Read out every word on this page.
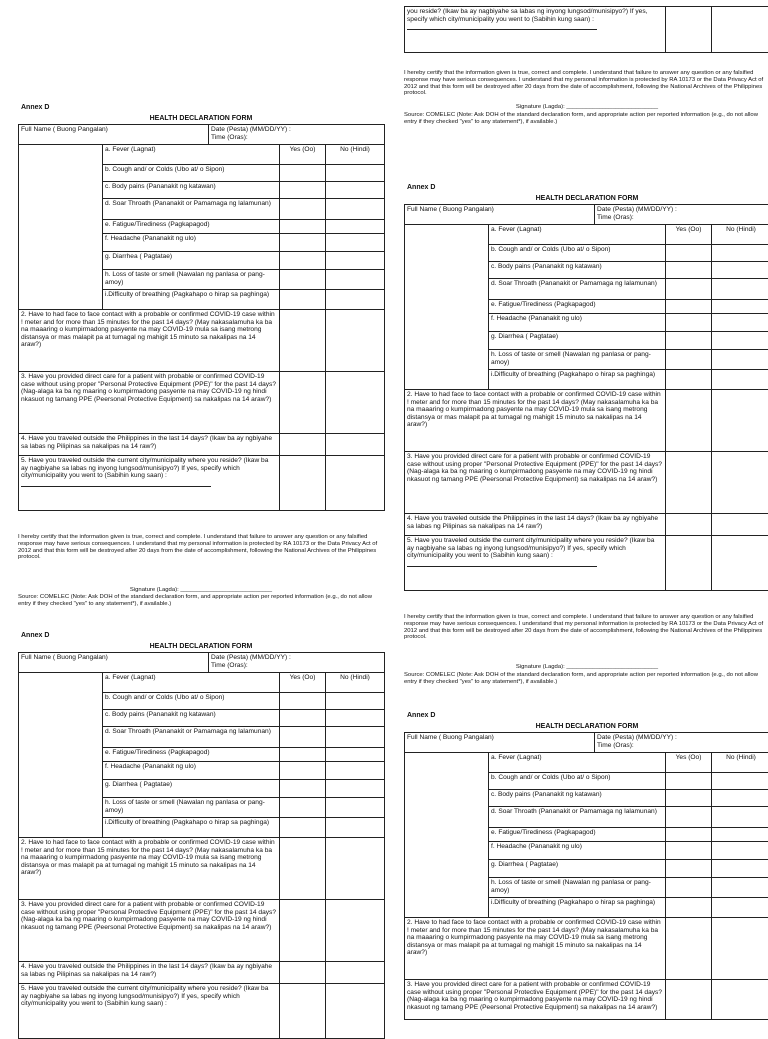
Annex D
HEALTH DECLARATION FORM
Full Name ( Buong Pangalan)		Date (Pesta) (MM/DD/YY) :
Time (Oras):		
	a. Fever (Lagnat)		Yes (Oo)	No (Hindi)
	b. Cough and/ or Colds (Ubo at/ o Sipon)			
	c. Body pains (Pananakit ng katawan)			
	d. Soar Throath (Pananakit or Pamamaga ng lalamunan)			
	e. Fatigue/Tirediness (Pagkapagod)			
	f. Headache (Pananakit ng ulo)			
	g. Diarrhea ( Pagtatae)			
	h. Loss of taste or smell (Nawalan ng panlasa or pang-amoy)			
	i.Difficulty of breathing (Pagkahapo o hirap sa paghinga)			
2. Have to had face to face contact with a probable or confirmed COVID-19 case within ! meter and for more than 15 minutes for the past 14 days? (May nakasalamuha ka ba na maaaring o kumpirmadong pasyente na may COVID-19 mula sa isang metrong distansya or mas malapit pa at tumagal ng mahigit 15 minuto sa nakalipas na 14 araw?)				
3. Have you provided direct care for a patient with probable or confirmed COVID-19 case without using proper "Personal Protective Equipment (PPE)" for the past 14 days? (Nag-alaga ka ba ng maaring o kumpirmadong pasyente na may COVID-19 ng hindi nkasuot ng tamang PPE (Peersonal Protective Equipment) sa nakalipas na 14 araw?)				
4. Have you traveled outside the Philippines in the last 14 days? (Ikaw ba ay ngbiyahe sa labas ng Pilipinas sa nakalipas na 14 raw?)				
5. Have you traveled outside the current city/municipality where you reside? (Ikaw ba ay nagbiyahe sa labas ng inyong lungsod/munisipyo?) If yes, specify which city/municipality you went to (Sabihin kung saan) :		

I hereby certify that the information given is true, correct and complete. I understand that failure to answer any question or any falsified response may have serious consequences. I understand that my personal information is protected by RA 10173 or the Data Privacy Act of 2012 and that this form will be destroyed after 20 days from the date of accomplishment, following the National Archives of the Philippines protocol.
Signature (Lagda): ____________________________
Source: COMELEC (Note: Ask DOH of the standard declaration form, and appropriate action per reported information (e.g., do not allow entry if they checked "yes" to any statement*), if available.)
Annex D
HEALTH DECLARATION FORM
Full Name ( Buong Pangalan)		Date (Pesta) (MM/DD/YY) :
Time (Oras):		
	a. Fever (Lagnat)		Yes (Oo)	No (Hindi)
	b. Cough and/ or Colds (Ubo at/ o Sipon)			
	c. Body pains (Pananakit ng katawan)			
	d. Soar Throath (Pananakit or Pamamaga ng lalamunan)			
	e. Fatigue/Tirediness (Pagkapagod)			
	f. Headache (Pananakit ng ulo)			
	g. Diarrhea ( Pagtatae)			
	h. Loss of taste or smell (Nawalan ng panlasa or pang-amoy)			
	i.Difficulty of breathing (Pagkahapo o hirap sa paghinga)			
2. Have to had face to face contact with a probable or confirmed COVID-19 case within ! meter and for more than 15 minutes for the past 14 days? (May nakasalamuha ka ba na maaaring o kumpirmadong pasyente na may COVID-19 mula sa isang metrong distansya or mas malapit pa at tumagal ng mahigit 15 minuto sa nakalipas na 14 araw?)				
3. Have you provided direct care for a patient with probable or confirmed COVID-19 case without using proper "Personal Protective Equipment (PPE)" for the past 14 days? (Nag-alaga ka ba ng maaring o kumpirmadong pasyente na may COVID-19 ng hindi nkasuot ng tamang PPE (Peersonal Protective Equipment) sa nakalipas na 14 araw?)				
4. Have you traveled outside the Philippines in the last 14 days? (Ikaw ba ay ngbiyahe sa labas ng Pilipinas sa nakalipas na 14 raw?)				
5. Have you traveled outside the current city/municipality where you reside? (Ikaw ba ay nagbiyahe sa labas ng inyong lungsod/munisipyo?) If yes, specify which city/municipality you went to (Sabihin kung saan) :				
you reside? (Ikaw ba ay nagbiyahe sa labas ng inyong lungsod/munisipyo?) If yes, specify which city/municipality you went to (Sabihin kung saan) :

I hereby certify that the information given is true, correct and complete. I understand that failure to answer any question or any falsified response may have serious consequences. I understand that my personal information is protected by RA 10173 or the Data Privacy Act of 2012 and that this form will be destroyed after 20 days from the date of accomplishment, following the National Archives of the Philippines protocol.
Signature (Lagda): ____________________________
Source: COMELEC (Note: Ask DOH of the standard declaration form, and appropriate action per reported information (e.g., do not allow entry if they checked "yes" to any statement*), if available.)
Annex D
HEALTH DECLARATION FORM
Full Name ( Buong Pangalan)		Date (Pesta) (MM/DD/YY) :
Time (Oras):		
	a. Fever (Lagnat)		Yes (Oo)	No (Hindi)
	b. Cough and/ or Colds (Ubo at/ o Sipon)			
	c. Body pains (Pananakit ng katawan)			
	d. Soar Throath (Pananakit or Pamamaga ng lalamunan)			
	e. Fatigue/Tirediness (Pagkapagod)			
	f. Headache (Pananakit ng ulo)			
	g. Diarrhea ( Pagtatae)			
	h. Loss of taste or smell (Nawalan ng panlasa or pang-amoy)			
	i.Difficulty of breathing (Pagkahapo o hirap sa paghinga)			
2. Have to had face to face contact with a probable or confirmed COVID-19 case within ! meter and for more than 15 minutes for the past 14 days? (May nakasalamuha ka ba na maaaring o kumpirmadong pasyente na may COVID-19 mula sa isang metrong distansya or mas malapit pa at tumagal ng mahigit 15 minuto sa nakalipas na 14 araw?)				
3. Have you provided direct care for a patient with probable or confirmed COVID-19 case without using proper "Personal Protective Equipment (PPE)" for the past 14 days? (Nag-alaga ka ba ng maaring o kumpirmadong pasyente na may COVID-19 ng hindi nkasuot ng tamang PPE (Peersonal Protective Equipment) sa nakalipas na 14 araw?)				
4. Have you traveled outside the Philippines in the last 14 days? (Ikaw ba ay ngbiyahe sa labas ng Pilipinas sa nakalipas na 14 raw?)				
5. Have you traveled outside the current city/municipality where you reside? (Ikaw ba ay nagbiyahe sa labas ng inyong lungsod/munisipyo?) If yes, specify which city/municipality you went to (Sabihin kung saan) :		

I hereby certify that the information given is true, correct and complete. I understand that failure to answer any question or any falsified response may have serious consequences. I understand that my personal information is protected by RA 10173 or the Data Privacy Act of 2012 and that this form will be destroyed after 20 days from the date of accomplishment, following the National Archives of the Philippines protocol.
Signature (Lagda): ____________________________
Source: COMELEC (Note: Ask DOH of the standard declaration form, and appropriate action per reported information (e.g., do not allow entry if they checked "yes" to any statement*), if available.)
Annex D
HEALTH DECLARATION FORM
Full Name ( Buong Pangalan)		Date (Pesta) (MM/DD/YY) :
Time (Oras):		
	a. Fever (Lagnat)		Yes (Oo)	No (Hindi)
	b. Cough and/ or Colds (Ubo at/ o Sipon)			
	c. Body pains (Pananakit ng katawan)			
	d. Soar Throath (Pananakit or Pamamaga ng lalamunan)			
	e. Fatigue/Tirediness (Pagkapagod)			
	f. Headache (Pananakit ng ulo)			
	g. Diarrhea ( Pagtatae)			
	h. Loss of taste or smell (Nawalan ng panlasa or pang-amoy)			
	i.Difficulty of breathing (Pagkahapo o hirap sa paghinga)			
2. Have to had face to face contact with a probable or confirmed COVID-19 case within ! meter and for more than 15 minutes for the past 14 days? (May nakasalamuha ka ba na maaaring o kumpirmadong pasyente na may COVID-19 mula sa isang metrong distansya or mas malapit pa at tumagal ng mahigit 15 minuto sa nakalipas na 14 araw?)				
3. Have you provided direct care for a patient with probable or confirmed COVID-19 case without using proper "Personal Protective Equipment (PPE)" for the past 14 days? (Nag-alaga ka ba ng maaring o kumpirmadong pasyente na may COVID-19 ng hindi nkasuot ng tamang PPE (Peersonal Protective Equipment) sa nakalipas na 14 araw?)				
